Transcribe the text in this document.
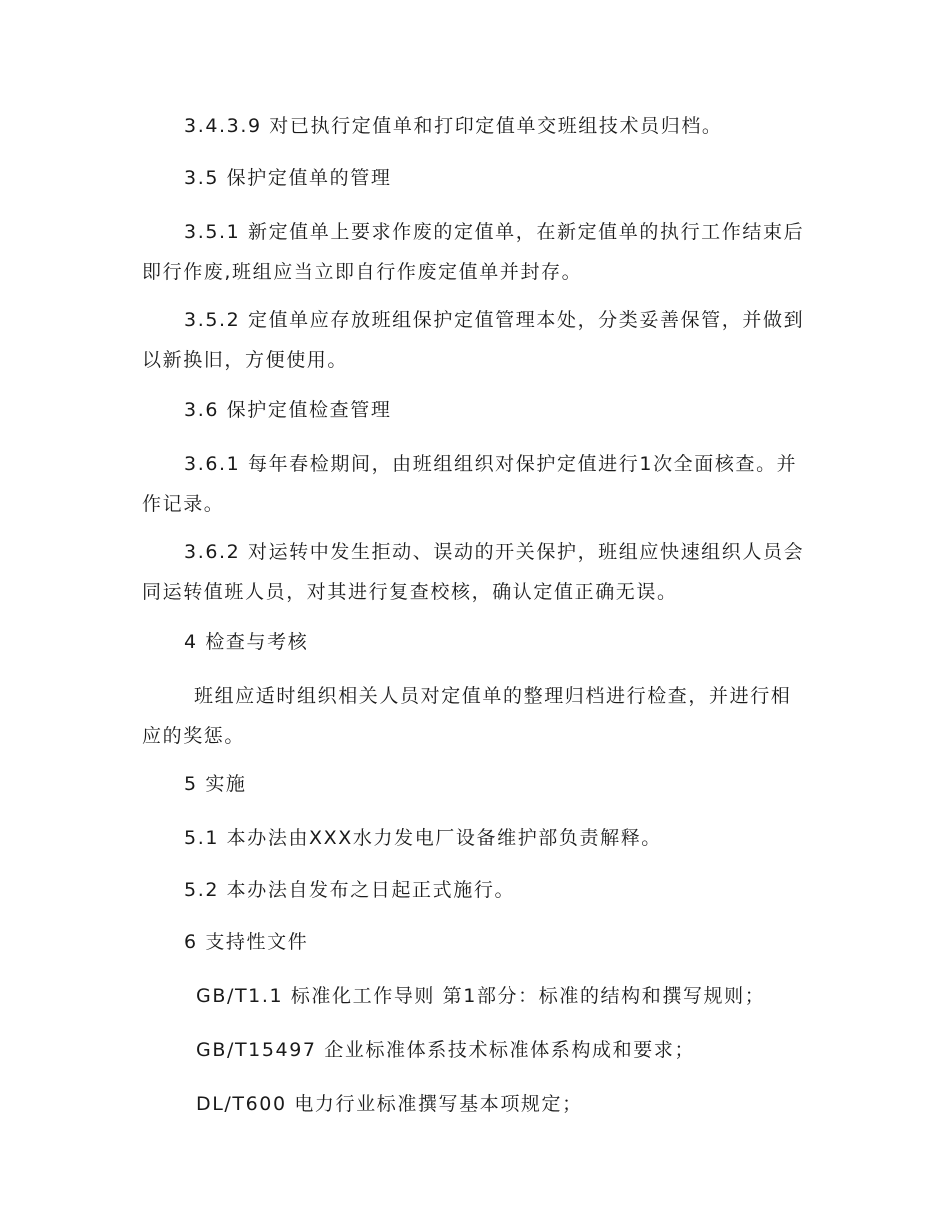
3.4.3.9 对已执行定值单和打印定值单交班组技术员归档。

3.5 保护定值单的管理

3.5.1 新定值单上要求作废的定值单，在新定值单的执行工作结束后即行作废,班组应当立即自行作废定值单并封存。

3.5.2 定值单应存放班组保护定值管理本处，分类妥善保管，并做到以新换旧，方便使用。

3.6 保护定值检查管理

3.6.1 每年春检期间，由班组组织对保护定值进行1次全面核查。并作记录。

3.6.2 对运转中发生拒动、误动的开关保护，班组应快速组织人员会同运转值班人员，对其进行复查校核，确认定值正确无误。

4 检查与考核

班组应适时组织相关人员对定值单的整理归档进行检查，并进行相应的奖惩。

5 实施

5.1 本办法由XXX水力发电厂设备维护部负责解释。

5.2 本办法自发布之日起正式施行。

6 支持性文件

GB/T1.1 标准化工作导则 第1部分：标准的结构和撰写规则；

GB/T15497 企业标准体系技术标准体系构成和要求；

DL/T600 电力行业标准撰写基本项规定；
